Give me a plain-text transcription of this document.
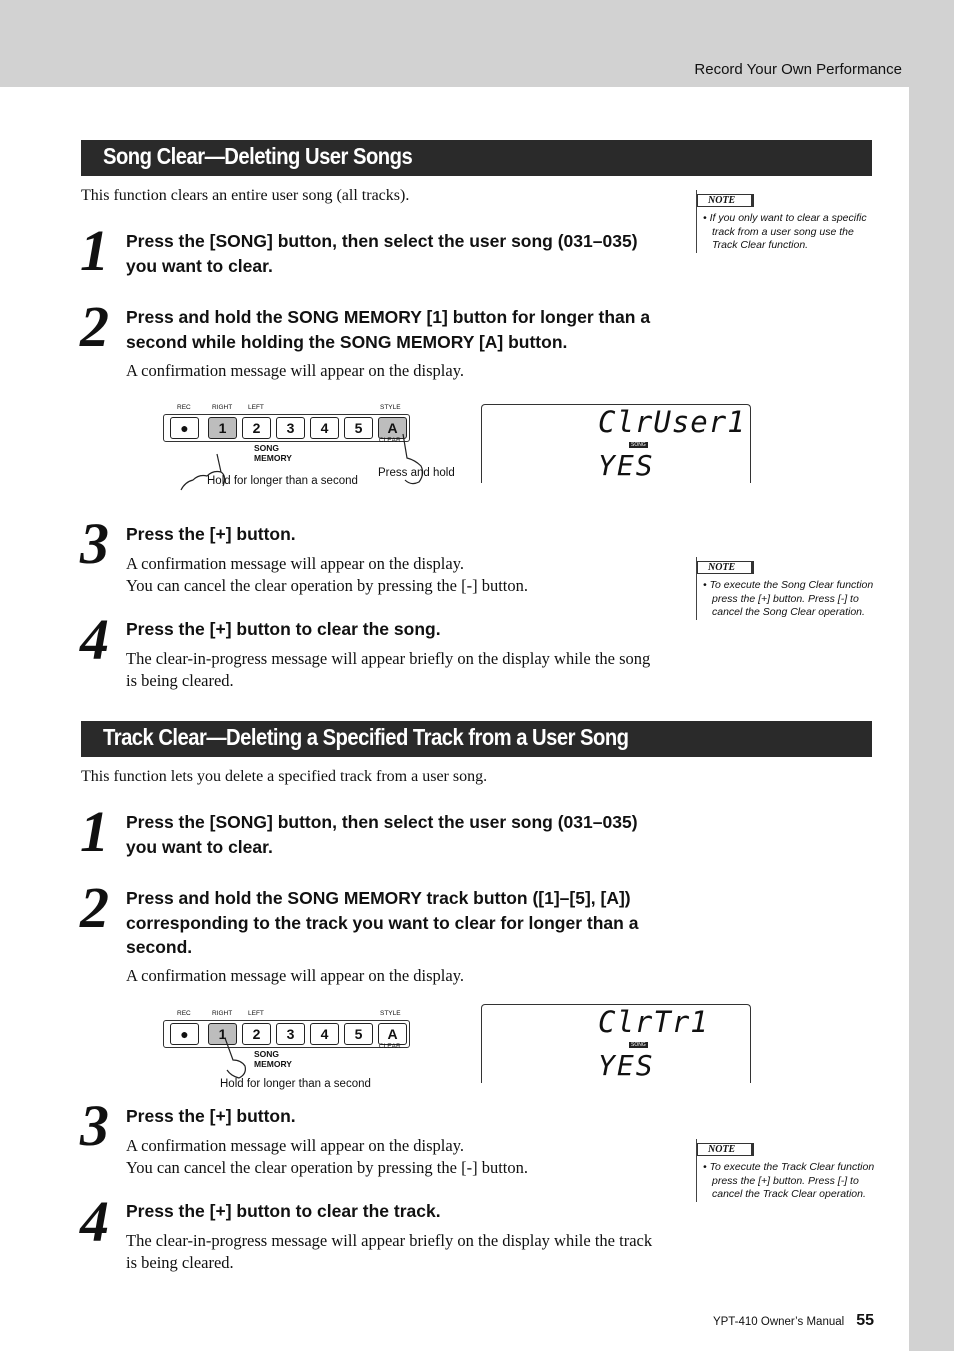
Record Your Own Performance
Song Clear—Deleting User Songs
This function clears an entire user song (all tracks).	NOTE
• If you only want to clear a specific track from a user song use the Track Clear function.
1 Press the [SONG] button, then select the user song (031–035) you want to clear.
2 Press and hold the SONG MEMORY [1] button for longer than a second while holding the SONG MEMORY [A] button.
A confirmation message will appear on the display.
REC	RIGHT LEFT	STYLE
●	1	2	3	4	5	A
SONG MEMORY
CLEAR
Hold for longer than a second
Press and hold
ClrUser1
SONG
YES
3 Press the [+] button.
A confirmation message will appear on the display.
You can cancel the clear operation by pressing the [-] button.
NOTE
• To execute the Song Clear function press the [+] button. Press [-] to cancel the Song Clear operation.
4 Press the [+] button to clear the song.
The clear-in-progress message will appear briefly on the display while the song is being cleared.
Track Clear—Deleting a Specified Track from a User Song
This function lets you delete a specified track from a user song.
1 Press the [SONG] button, then select the user song (031–035) you want to clear.
2 Press and hold the SONG MEMORY track button ([1]–[5], [A]) corresponding to the track you want to clear for longer than a second.
A confirmation message will appear on the display.
REC	RIGHT LEFT	STYLE
●	1	2	3	4	5	A
SONG MEMORY
CLEAR
Hold for longer than a second
ClrTr1
SONG
YES
3 Press the [+] button.
A confirmation message will appear on the display.
You can cancel the clear operation by pressing the [-] button.
NOTE
• To execute the Track Clear function press the [+] button. Press [-] to cancel the Track Clear operation.
4 Press the [+] button to clear the track.
The clear-in-progress message will appear briefly on the display while the track is being cleared.
YPT-410 Owner’s Manual 55
